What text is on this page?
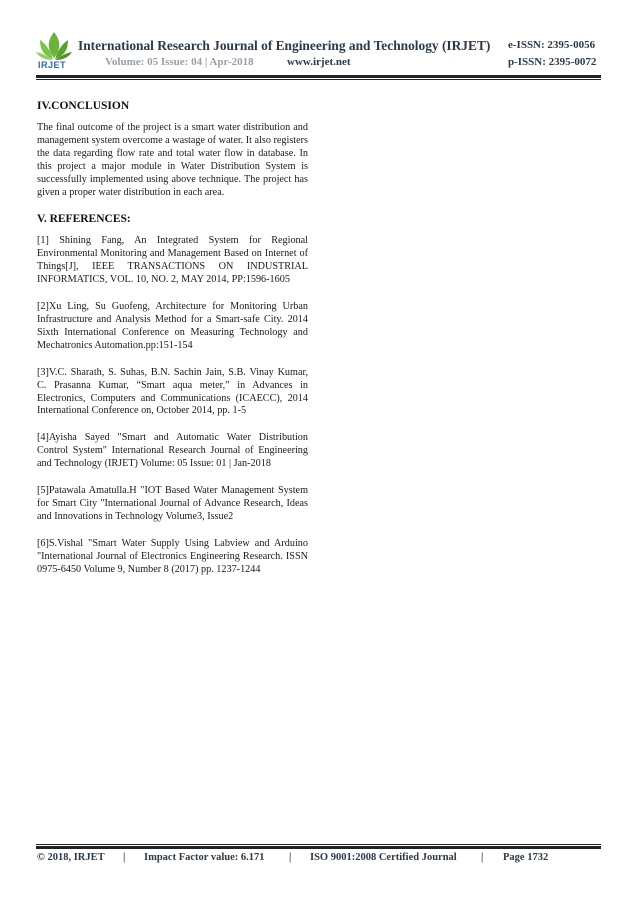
IRJET
International Research Journal of Engineering and Technology (IRJET) e-ISSN: 2395-0056
Volume: 05 Issue: 04 | Apr-2018	www.irjet.net	p-ISSN: 2395-0072
IV.CONCLUSION

The final outcome of the project is a smart water distribution and management system overcome a wastage of water. It also registers the data regarding flow rate and total water flow in database. In this project a major module in Water Distribution System is successfully implemented using above technique. The project has given a proper water distribution in each area.

V. REFERENCES:

[1] Shining Fang, An Integrated System for Regional Environmental Monitoring and Management Based on Internet of Things[J], IEEE TRANSACTIONS ON INDUSTRIAL INFORMATICS, VOL. 10, NO. 2, MAY 2014, PP:1596-1605

[2]Xu Ling, Su Guofeng, Architecture for Monitoring Urban Infrastructure and Analysis Method for a Smart-safe City. 2014 Sixth International Conference on Measuring Technology and Mechatronics Automation.pp:151-154

[3]V.C. Sharath, S. Suhas, B.N. Sachin Jain, S.B. Vinay Kumar, C. Prasanna Kumar, “Smart aqua meter,” in Advances in Electronics, Computers and Communications (ICAECC), 2014 International Conference on, October 2014, pp. 1-5

[4]Ayisha Sayed "Smart and Automatic Water Distribution Control System" International Research Journal of Engineering and Technology (IRJET) Volume: 05 Issue: 01 | Jan-2018

[5]Patawala Amatulla.H "IOT Based Water Management System for Smart City "International Journal of Advance Research, Ideas and Innovations in Technology Volume3, Issue2

[6]S.Vishal "Smart Water Supply Using Labview and Arduino "International Journal of Electronics Engineering Research. ISSN 0975-6450 Volume 9, Number 8 (2017) pp. 1237-1244

© 2018, IRJET | Impact Factor value: 6.171 | ISO 9001:2008 Certified Journal | Page 1732
